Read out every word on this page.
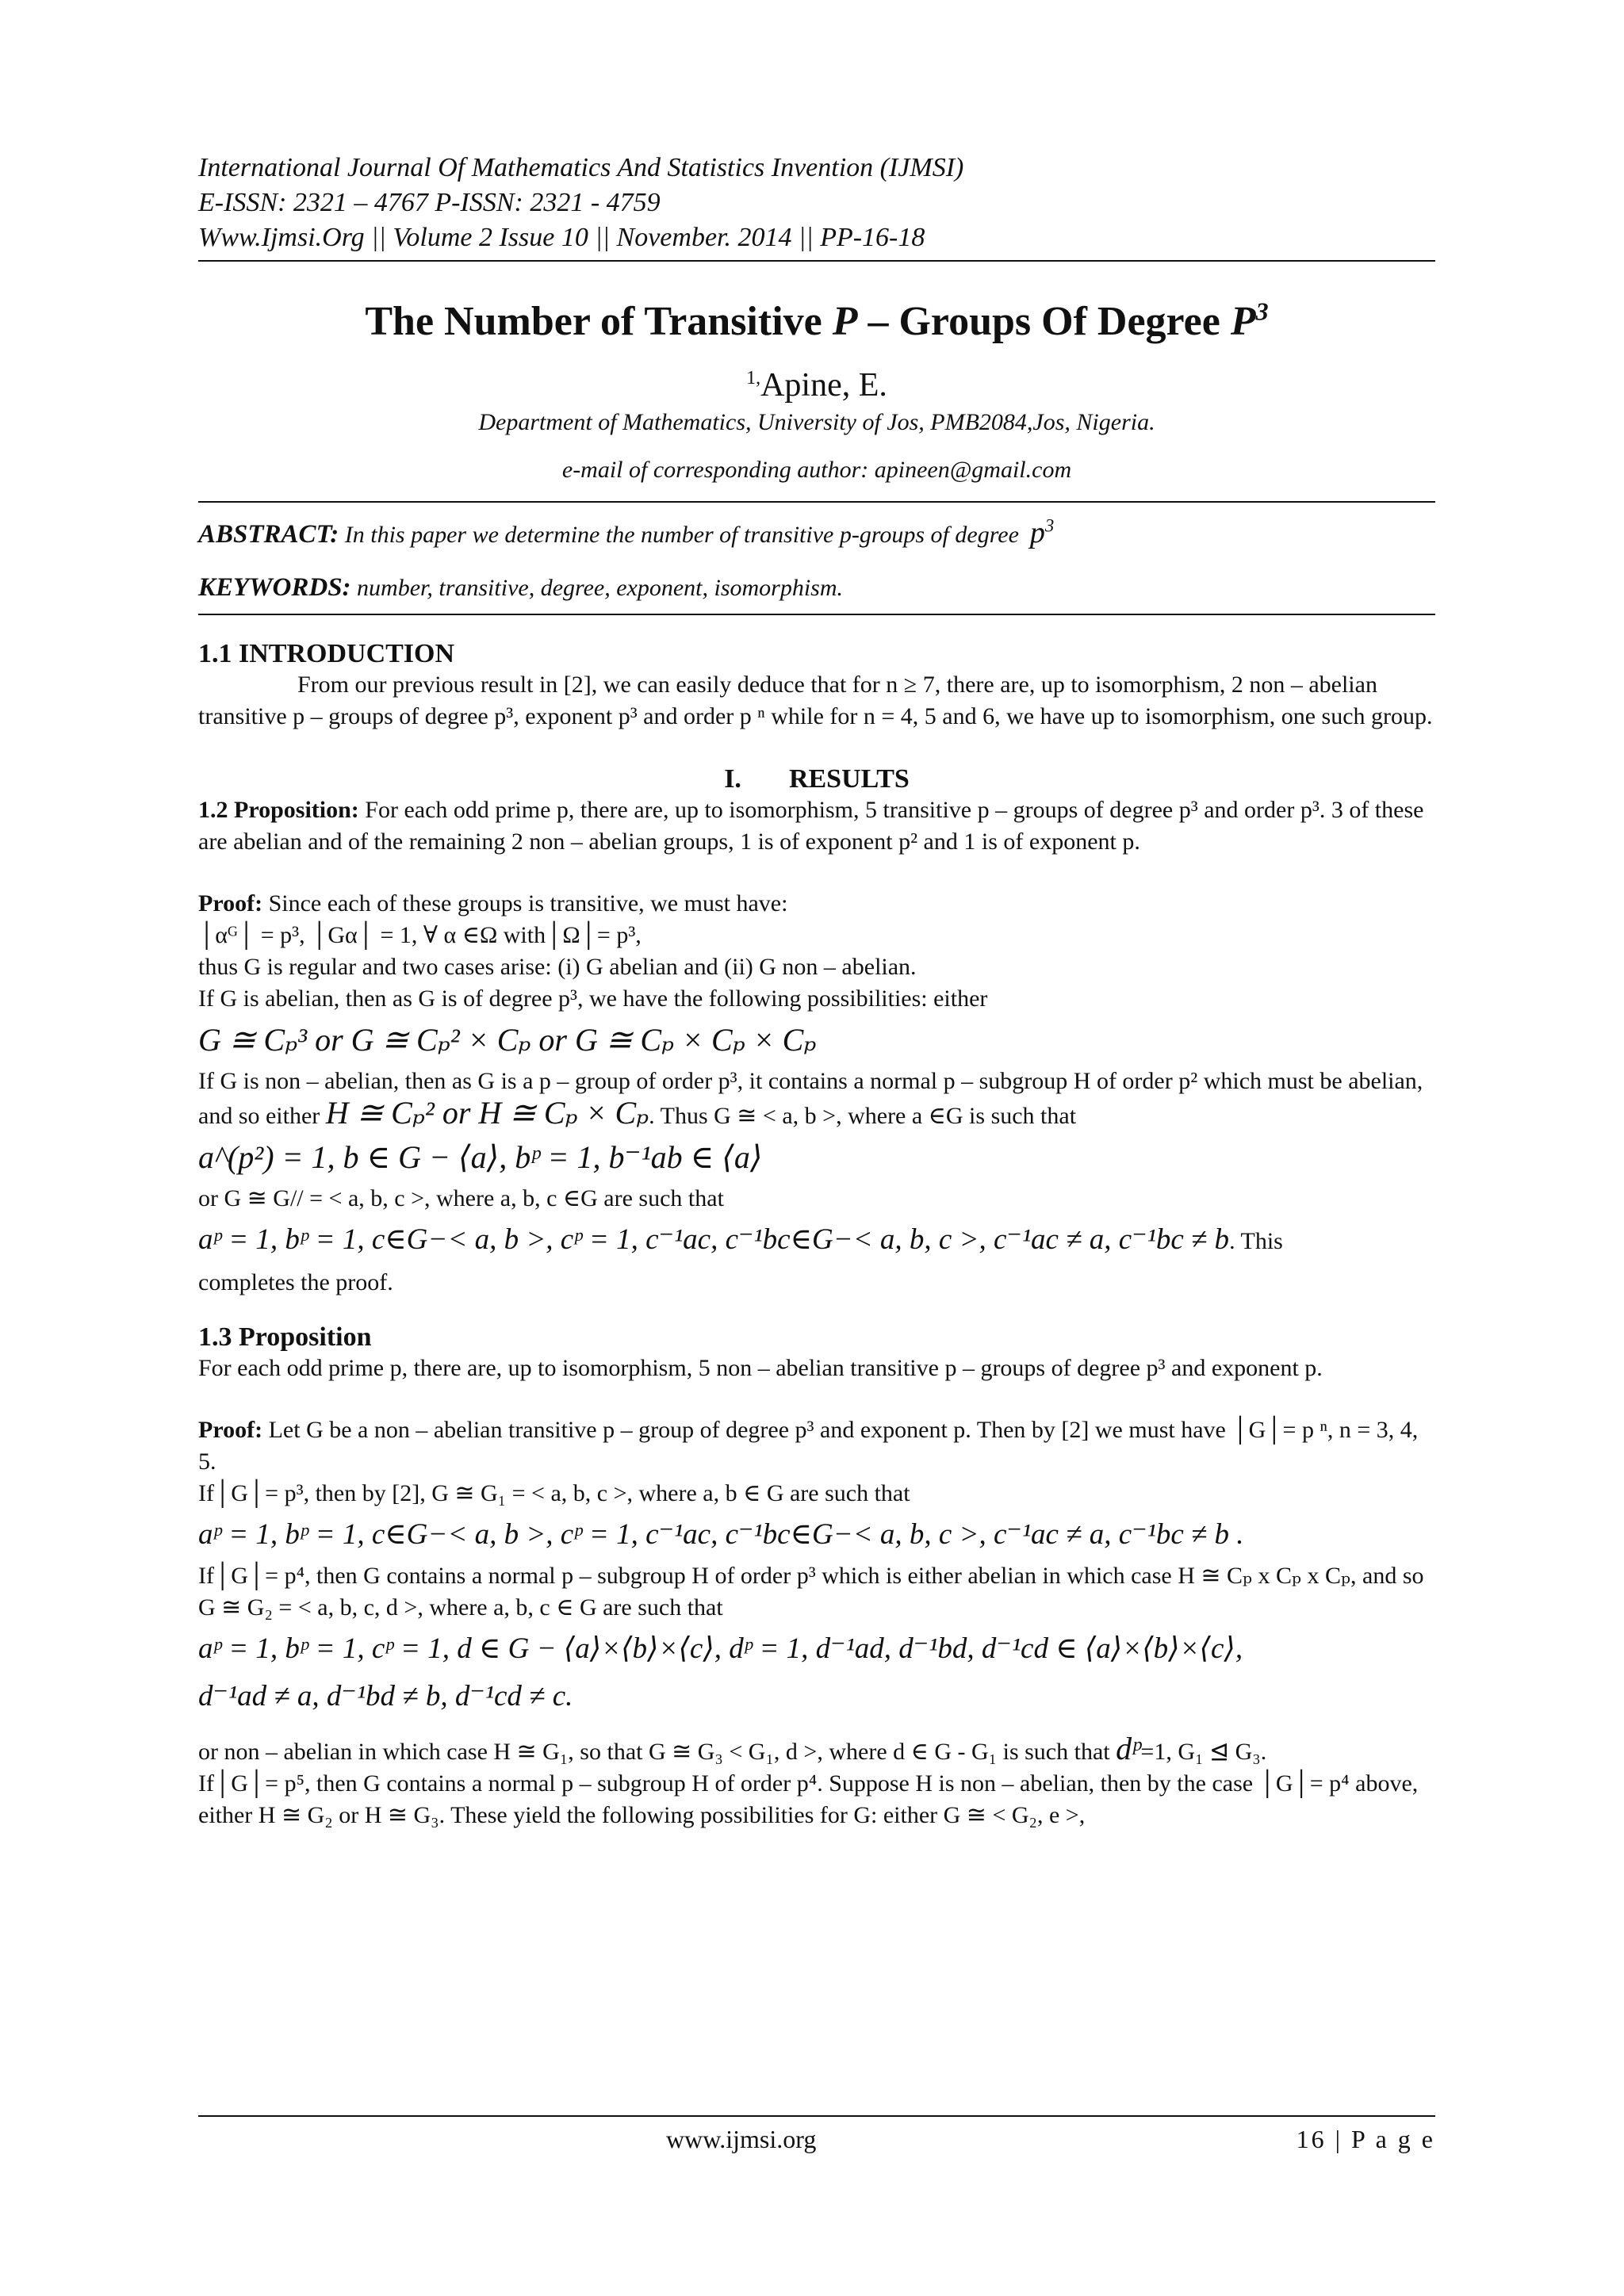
International Journal Of Mathematics And Statistics Invention (IJMSI)
E-ISSN: 2321 – 4767 P-ISSN: 2321 - 4759
Www.Ijmsi.Org || Volume 2 Issue 10 || November. 2014 || PP-16-18
The Number of Transitive P – Groups Of Degree $P^3$
$^{1,}$Apine, E.
Department of Mathematics, University of Jos, PMB2084,Jos, Nigeria.
e-mail of corresponding author: apineen@gmail.com
ABSTRACT: In this paper we determine the number of transitive p-groups of degree $p^3$
KEYWORDS: number, transitive, degree, exponent, isomorphism.
1.1 INTRODUCTION

From our previous result in [2], we can easily deduce that for n ≥ 7, there are, up to isomorphism, 2 non – abelian transitive p – groups of degree p³, exponent p³ and order p ⁿ while for n = 4, 5 and 6, we have up to isomorphism, one such group.

I. RESULTS

1.2 Proposition: For each odd prime p, there are, up to isomorphism, 5 transitive p – groups of degree p³ and order p³. 3 of these are abelian and of the remaining 2 non – abelian groups, 1 is of exponent p² and 1 is of exponent p.

Proof: Since each of these groups is transitive, we must have:

│αᴳ│ = p³, │Gα│ = 1, ∀ α ∈Ω with│Ω│= p³,

thus G is regular and two cases arise: (i) G abelian and (ii) G non – abelian.

If G is abelian, then as G is of degree p³, we have the following possibilities: either

G ≅ Cₚ³ or G ≅ Cₚ² × Cₚ or G ≅ Cₚ × Cₚ × Cₚ

If G is non – abelian, then as G is a p – group of order p³, it contains a normal p – subgroup H of order p² which must be abelian, and so either H ≅ Cₚ² or H ≅ Cₚ × Cₚ. Thus G ≅ < a, b >, where a ∈G is such that

a^(p²) = 1, b ∈ G − ⟨a⟩, bᵖ = 1, b⁻¹ab ∈ ⟨a⟩

or G ≅ G// = < a, b, c >, where a, b, c ∈G are such that

aᵖ = 1, bᵖ = 1, c∈G−< a, b >, cᵖ = 1, c⁻¹ac, c⁻¹bc∈G−< a, b, c >, c⁻¹ac ≠ a, c⁻¹bc ≠ b. This

completes the proof.

1.3 Proposition

For each odd prime p, there are, up to isomorphism, 5 non – abelian transitive p – groups of degree p³ and exponent p.

Proof: Let G be a non – abelian transitive p – group of degree p³ and exponent p. Then by [2] we must have │G│= p ⁿ, n = 3, 4, 5.

If│G│= p³, then by [2], G ≅ G₁ = < a, b, c >, where a, b ∈ G are such that

aᵖ = 1, bᵖ = 1, c∈G−< a, b >, cᵖ = 1, c⁻¹ac, c⁻¹bc∈G−< a, b, c >, c⁻¹ac ≠ a, c⁻¹bc ≠ b .

If│G│= p⁴, then G contains a normal p – subgroup H of order p³ which is either abelian in which case H ≅ Cₚ x Cₚ x Cₚ, and so G ≅ G₂ = < a, b, c, d >, where a, b, c ∈ G are such that

aᵖ = 1, bᵖ = 1, cᵖ = 1, d ∈ G − ⟨a⟩×⟨b⟩×⟨c⟩, dᵖ = 1, d⁻¹ad, d⁻¹bd, d⁻¹cd ∈ ⟨a⟩×⟨b⟩×⟨c⟩,
d⁻¹ad ≠ a, d⁻¹bd ≠ b, d⁻¹cd ≠ c.

or non – abelian in which case H ≅ G₁, so that G ≅ G₃ < G₁, d >, where d ∈ G - G₁ is such that dᵖ=1, G₁ ⊴ G₃.

If│G│= p⁵, then G contains a normal p – subgroup H of order p⁴. Suppose H is non – abelian, then by the case │G│= p⁴ above, either H ≅ G₂ or H ≅ G₃. These yield the following possibilities for G: either G ≅ < G₂, e >,

www.ijmsi.org	16 | P a g e
